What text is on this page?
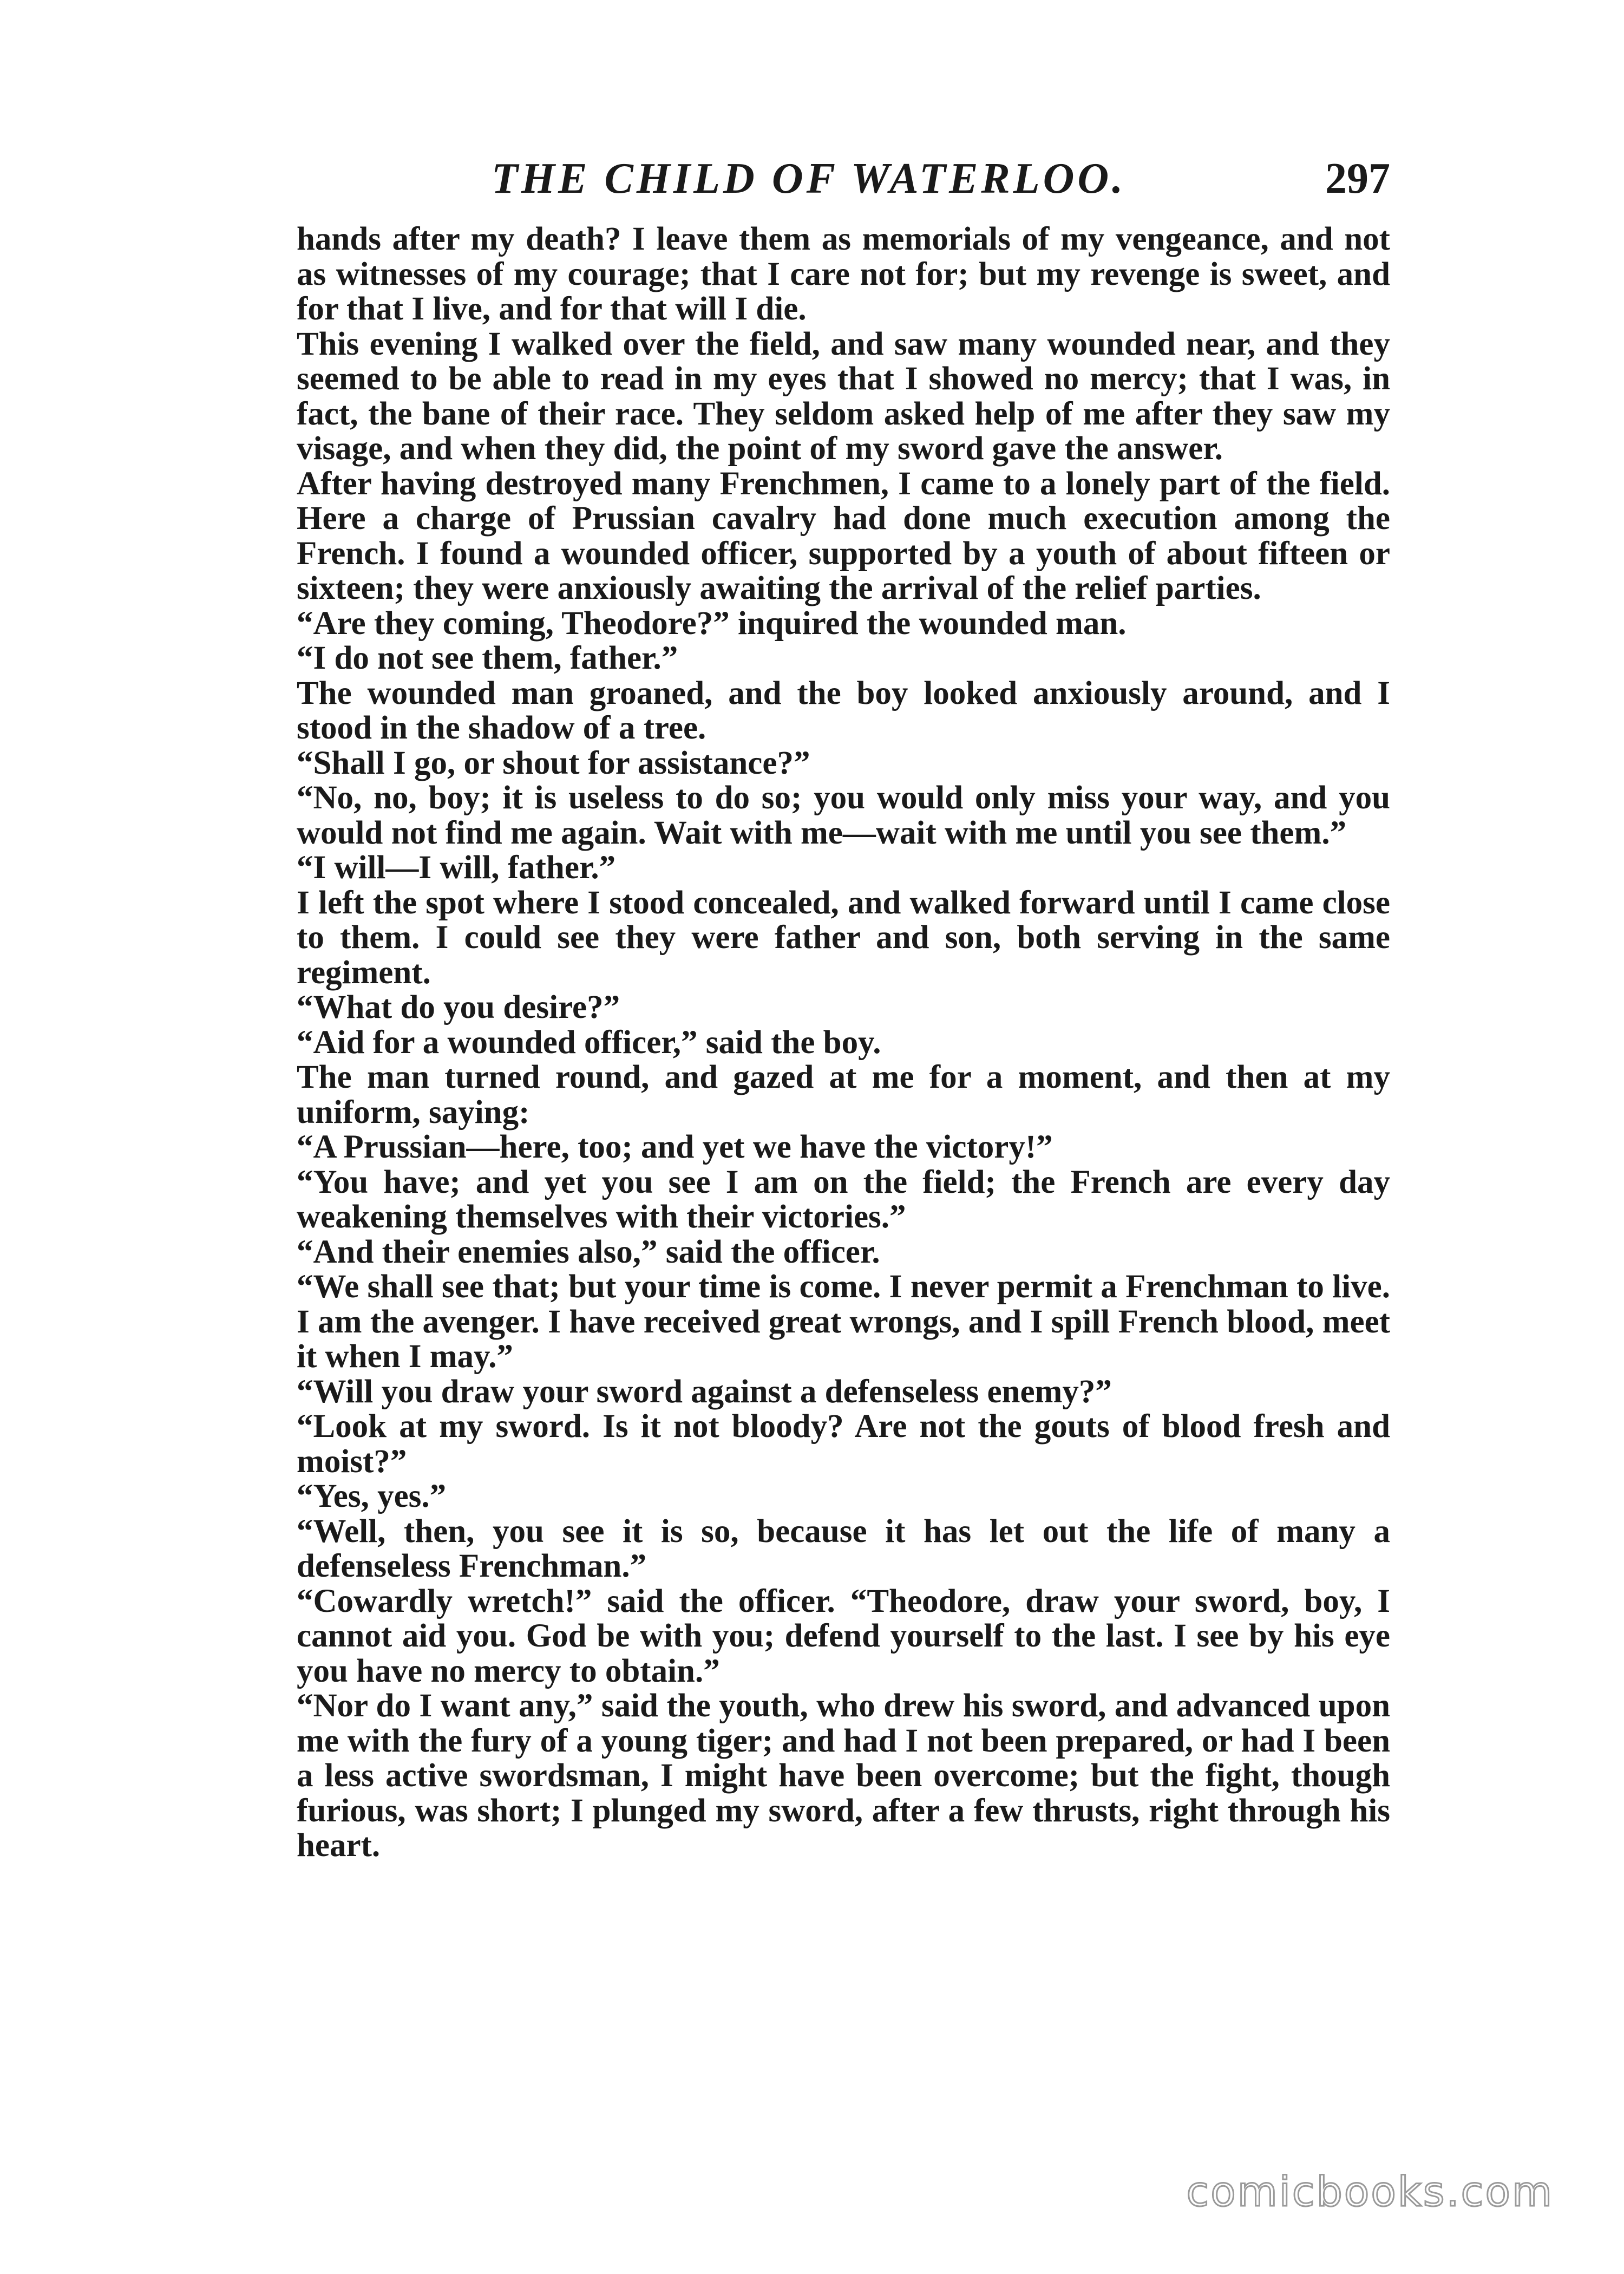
THE CHILD OF WATERLOO.	297

hands after my death? I leave them as memorials of my vengeance, and not as witnesses of my courage; that I care not for; but my revenge is sweet, and for that I live, and for that will I die.

This evening I walked over the field, and saw many wounded near, and they seemed to be able to read in my eyes that I showed no mercy; that I was, in fact, the bane of their race. They seldom asked help of me after they saw my visage, and when they did, the point of my sword gave the answer.

After having destroyed many Frenchmen, I came to a lonely part of the field. Here a charge of Prussian cavalry had done much execution among the French. I found a wounded officer, supported by a youth of about fifteen or sixteen; they were anxiously awaiting the arrival of the relief parties.

“Are they coming, Theodore?” inquired the wounded man.

“I do not see them, father.”

The wounded man groaned, and the boy looked anxiously around, and I stood in the shadow of a tree.

“Shall I go, or shout for assistance?”

“No, no, boy; it is useless to do so; you would only miss your way, and you would not find me again. Wait with me—wait with me until you see them.”

“I will—I will, father.”

I left the spot where I stood concealed, and walked forward until I came close to them. I could see they were father and son, both serving in the same regiment.

“What do you desire?”

“Aid for a wounded officer,” said the boy.

The man turned round, and gazed at me for a moment, and then at my uniform, saying:

“A Prussian—here, too; and yet we have the victory!”

“You have; and yet you see I am on the field; the French are every day weakening themselves with their victories.”

“And their enemies also,” said the officer.

“We shall see that; but your time is come. I never permit a Frenchman to live. I am the avenger. I have received great wrongs, and I spill French blood, meet it when I may.”

“Will you draw your sword against a defenseless enemy?”

“Look at my sword. Is it not bloody? Are not the gouts of blood fresh and moist?”

“Yes, yes.”

“Well, then, you see it is so, because it has let out the life of many a defenseless Frenchman.”

“Cowardly wretch!” said the officer. “Theodore, draw your sword, boy, I cannot aid you. God be with you; defend yourself to the last. I see by his eye you have no mercy to obtain.”

“Nor do I want any,” said the youth, who drew his sword, and advanced upon me with the fury of a young tiger; and had I not been prepared, or had I been a less active swordsman, I might have been overcome; but the fight, though furious, was short; I plunged my sword, after a few thrusts, right through his heart.

comicbooks.com
